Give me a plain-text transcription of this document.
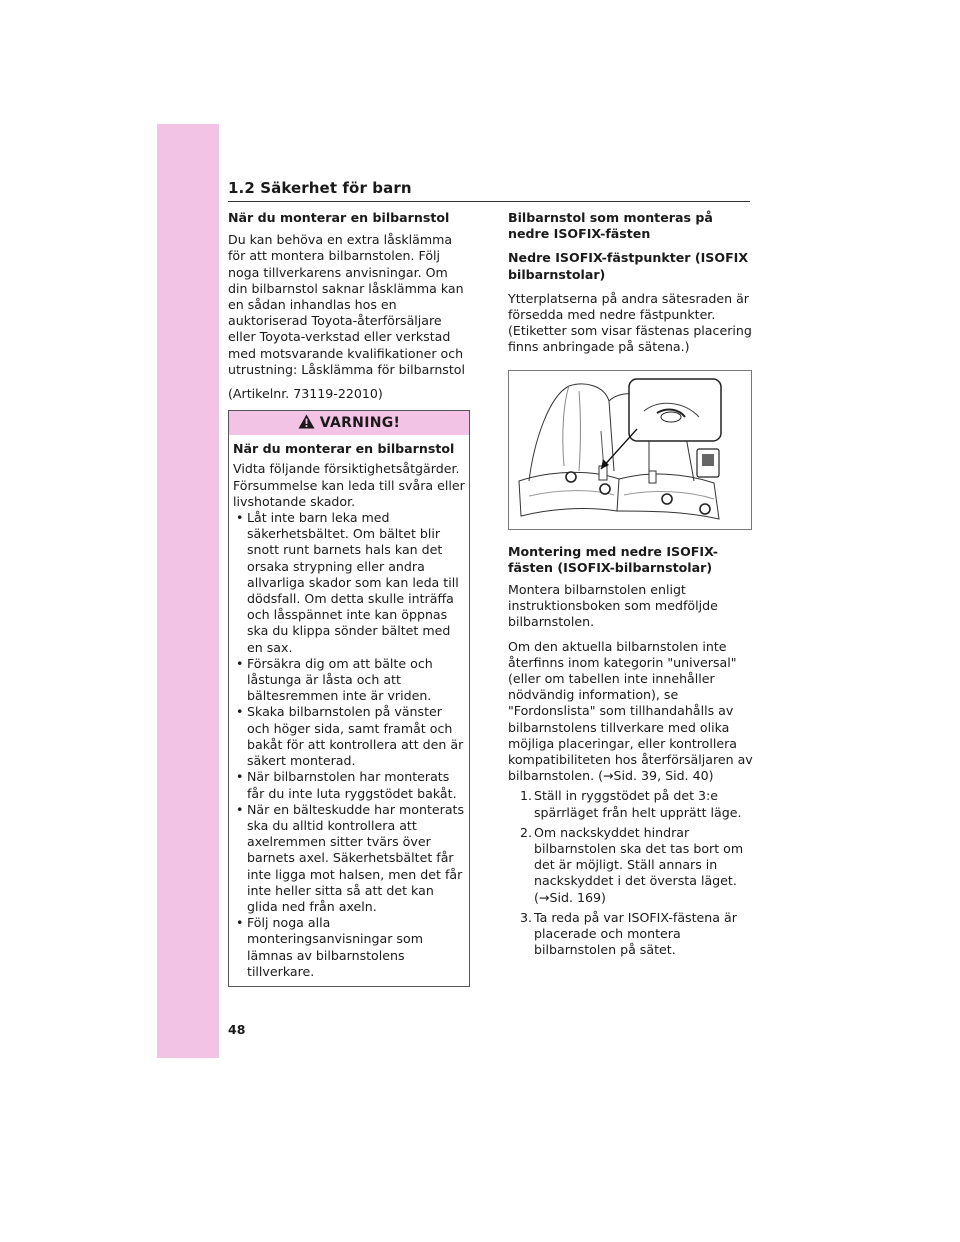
1.2 Säkerhet för barn
När du monterar en bilbarnstol
Du kan behöva en extra låsklämma för att montera bilbarnstolen. Följ noga tillverkarens anvisningar. Om din bilbarnstol saknar låsklämma kan en sådan inhandlas hos en auktoriserad Toyota-återförsäljare eller Toyota-verkstad eller verkstad med motsvarande kvalifikationer och utrustning: Låsklämma för bilbarnstol
(Artikelnr. 73119-22010)
VARNING!
När du monterar en bilbarnstol
Vidta följande försiktighetsåtgärder. Försummelse kan leda till svåra eller livshotande skador.
• Låt inte barn leka med säkerhetsbältet. Om bältet blir snott runt barnets hals kan det orsaka strypning eller andra allvarliga skador som kan leda till dödsfall. Om detta skulle inträffa och låsspännet inte kan öppnas ska du klippa sönder bältet med en sax.
• Försäkra dig om att bälte och låstunga är låsta och att bältesremmen inte är vriden.
• Skaka bilbarnstolen på vänster och höger sida, samt framåt och bakåt för att kontrollera att den är säkert monterad.
• När bilbarnstolen har monterats får du inte luta ryggstödet bakåt.
• När en bälteskudde har monterats ska du alltid kontrollera att axelremmen sitter tvärs över barnets axel. Säkerhetsbältet får inte ligga mot halsen, men det får inte heller sitta så att det kan glida ned från axeln.
• Följ noga alla monteringsanvisningar som lämnas av bilbarnstolens tillverkare.
Bilbarnstol som monteras på nedre ISOFIX-fästen
Nedre ISOFIX-fästpunkter (ISOFIX bilbarnstolar)
Ytterplatserna på andra sätesraden är försedda med nedre fästpunkter. (Etiketter som visar fästenas placering finns anbringade på sätena.)
Montering med nedre ISOFIX-fästen (ISOFIX-bilbarnstolar)
Montera bilbarnstolen enligt instruktionsboken som medföljde bilbarnstolen.
Om den aktuella bilbarnstolen inte återfinns inom kategorin "universal" (eller om tabellen inte innehåller nödvändig information), se "Fordonslista" som tillhandahålls av bilbarnstolens tillverkare med olika möjliga placeringar, eller kontrollera kompatibiliteten hos återförsäljaren av bilbarnstolen. (→Sid. 39, Sid. 40)
1. Ställ in ryggstödet på det 3:e spärrläget från helt upprätt läge.
2. Om nackskyddet hindrar bilbarnstolen ska det tas bort om det är möjligt. Ställ annars in nackskyddet i det översta läget. (→Sid. 169)
3. Ta reda på var ISOFIX-fästena är placerade och montera bilbarnstolen på sätet.
48
